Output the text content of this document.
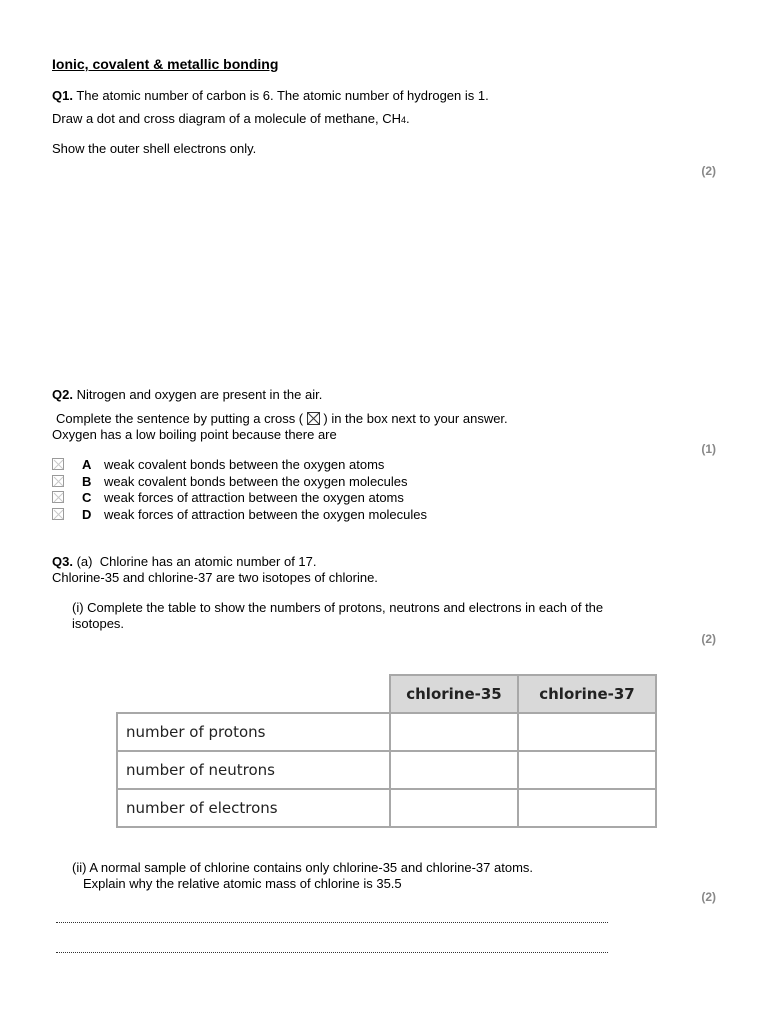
Ionic, covalent & metallic bonding
Q1. The atomic number of carbon is 6. The atomic number of hydrogen is 1.
Draw a dot and cross diagram of a molecule of methane, CH4.
Show the outer shell electrons only.
(2)
Q2. Nitrogen and oxygen are present in the air.
Complete the sentence by putting a cross ( ☒ ) in the box next to your answer.
Oxygen has a low boiling point because there are
(1)
A weak covalent bonds between the oxygen atoms
B weak covalent bonds between the oxygen molecules
C weak forces of attraction between the oxygen atoms
D weak forces of attraction between the oxygen molecules
Q3. (a) Chlorine has an atomic number of 17.
Chlorine-35 and chlorine-37 are two isotopes of chlorine.
(i) Complete the table to show the numbers of protons, neutrons and electrons in each of the
isotopes.
(2)
	chlorine-35	chlorine-37
number of protons		
number of neutrons		
number of electrons		
(ii) A normal sample of chlorine contains only chlorine-35 and chlorine-37 atoms.
Explain why the relative atomic mass of chlorine is 35.5
(2)
